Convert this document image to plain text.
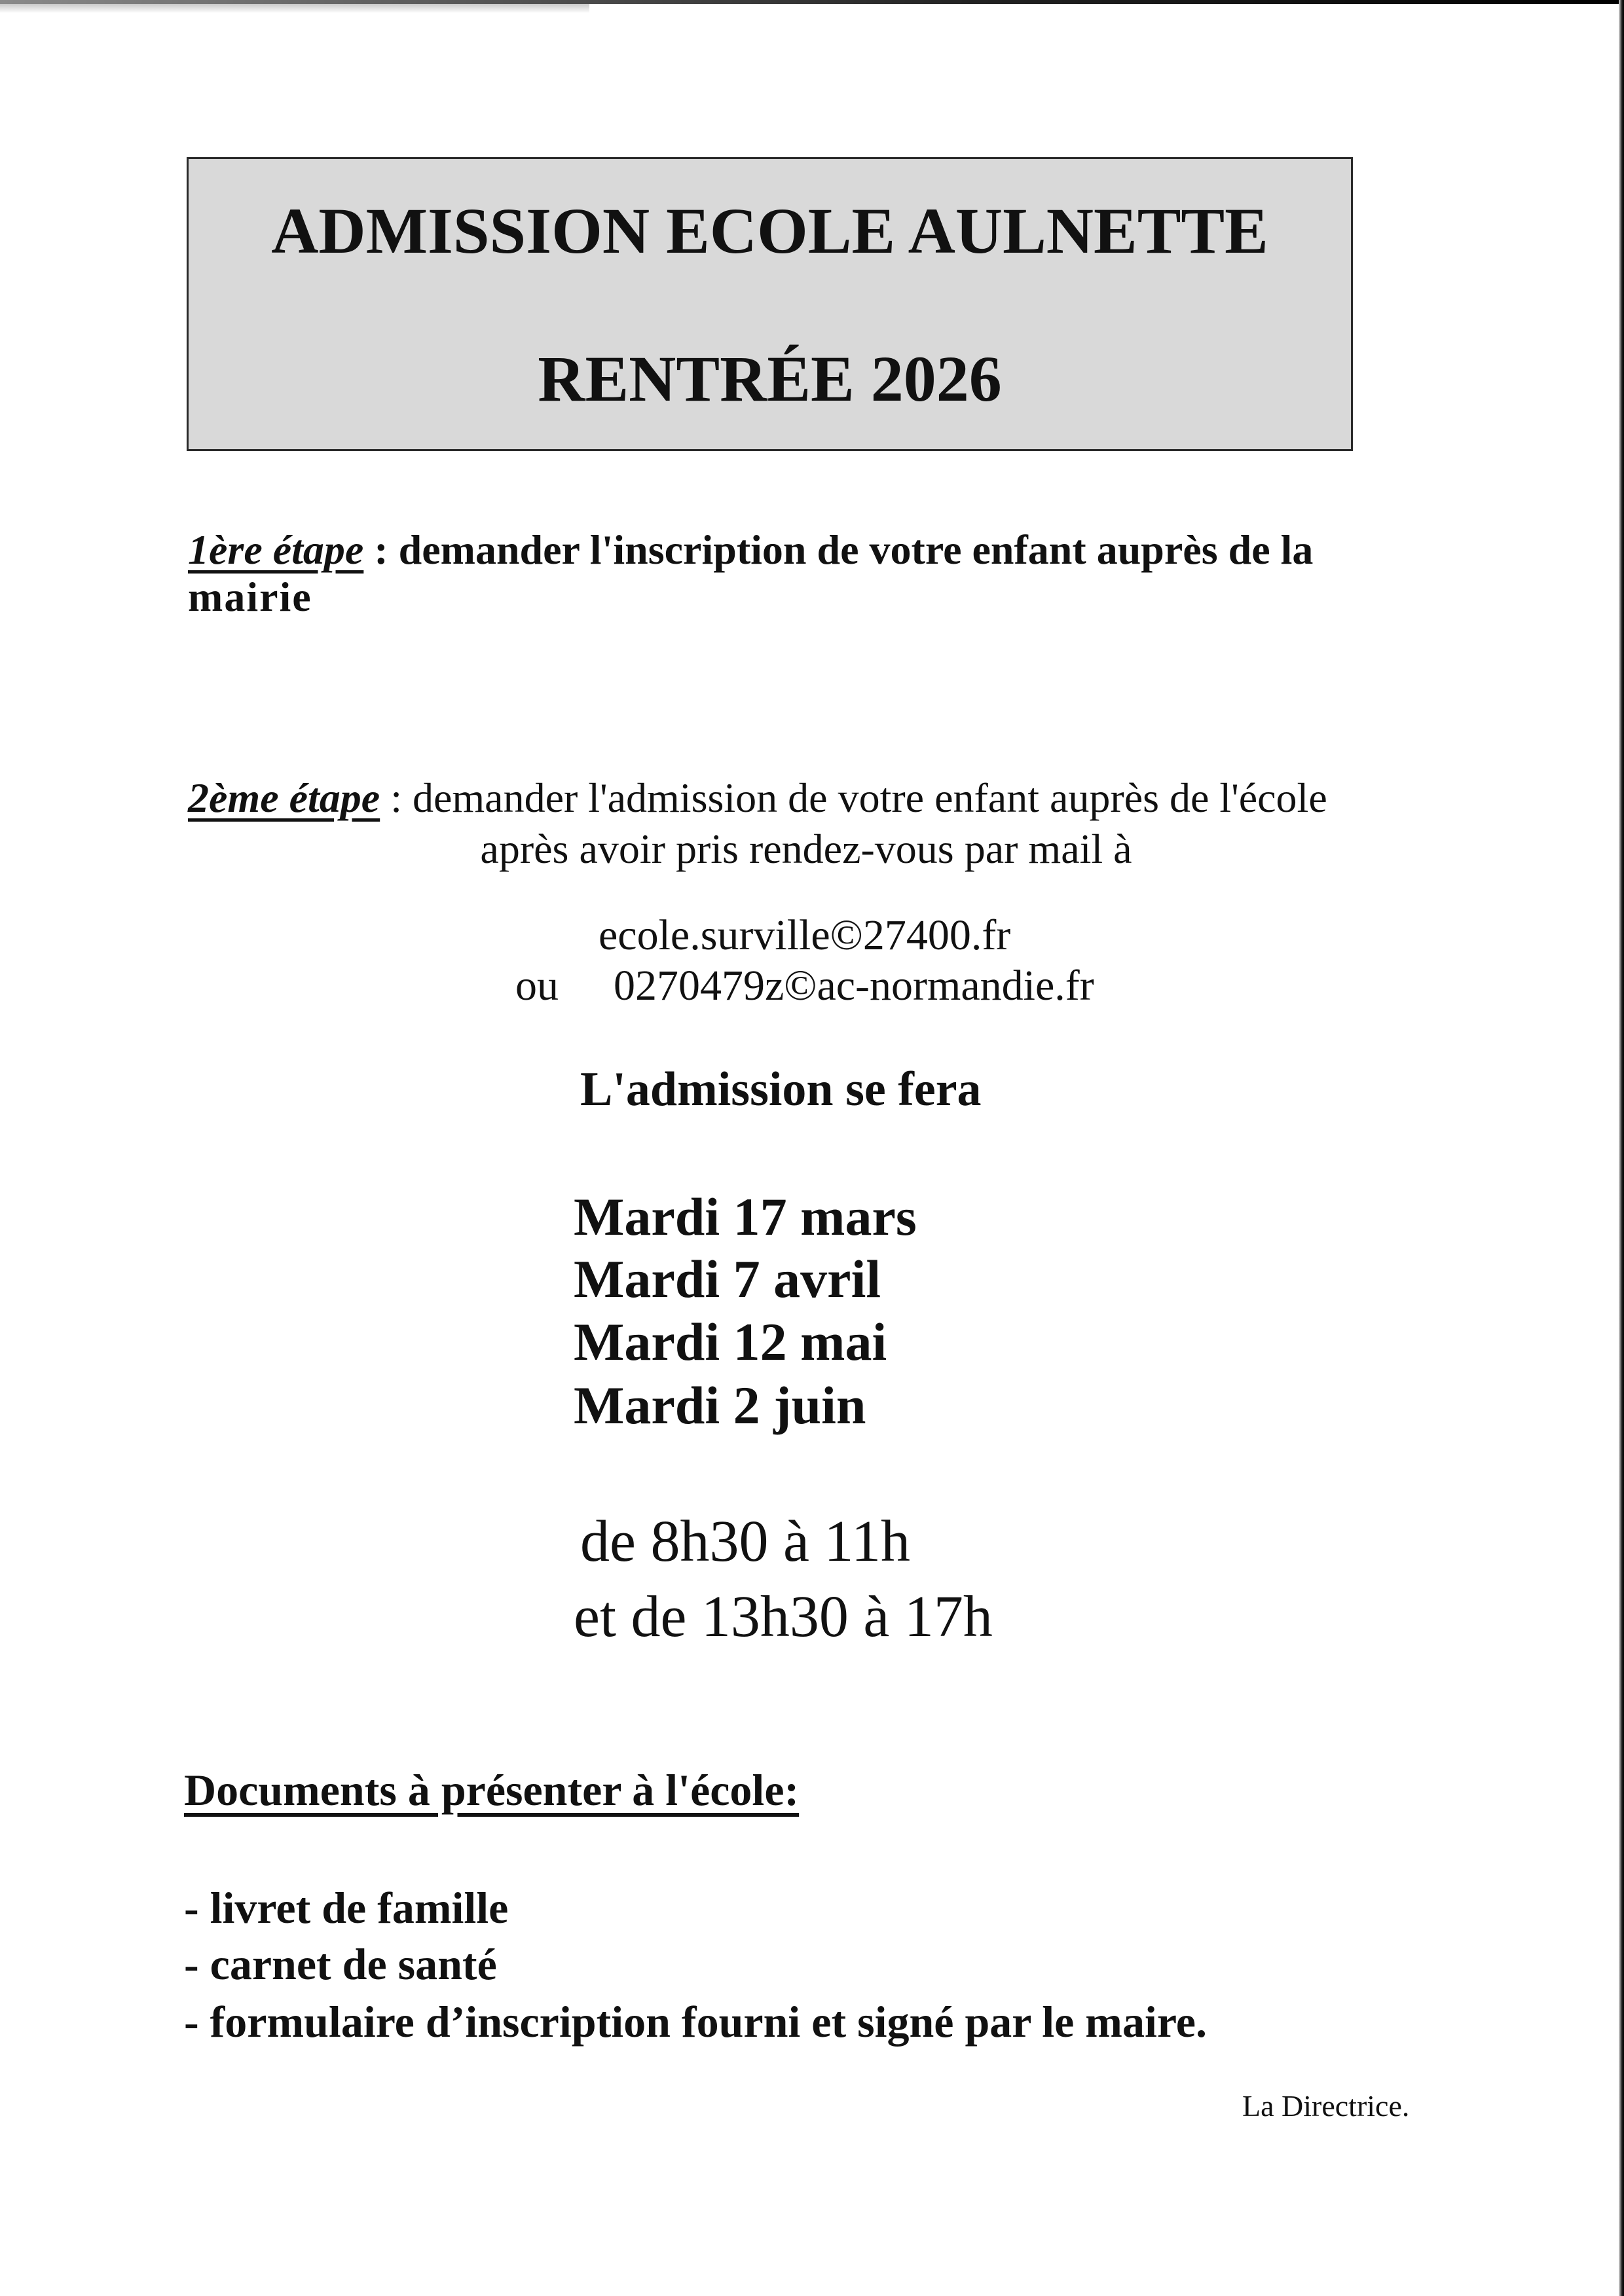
ADMISSION ECOLE AULNETTE
RENTRÉE 2026
1ère étape : demander l'inscription de votre enfant auprès de la
mairie
2ème étape : demander l'admission de votre enfant auprès de l'école
après avoir pris rendez-vous par mail à
ecole.surville©27400.fr
ou 0270479z©ac-normandie.fr
L'admission se fera
Mardi 17 mars
Mardi 7 avril
Mardi 12 mai
Mardi 2 juin
de 8h30 à 11h
et de 13h30 à 17h
Documents à présenter à l'école:
- livret de famille
- carnet de santé
- formulaire d’inscription fourni et signé par le maire.
La Directrice.
